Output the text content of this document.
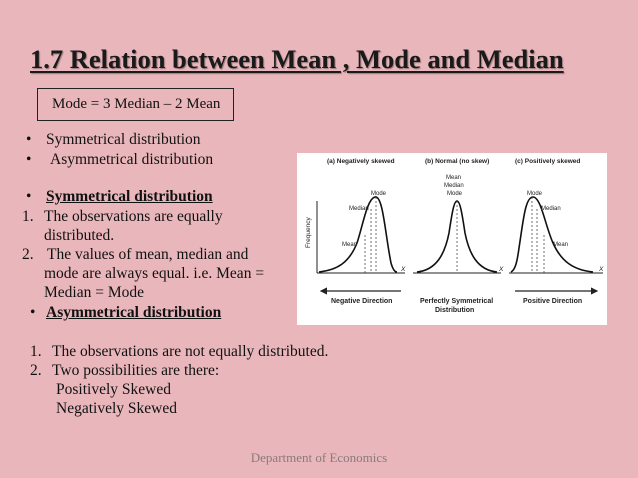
1.7 Relation between Mean , Mode and Median
Mode = 3 Median – 2 Mean
• Symmetrical distribution
• Asymmetrical distribution
• Symmetrical distribution
1. The observations are equally
distributed.
2. The values of mean, median and
mode are always equal. i.e. Mean =
Median = Mode
• Asymmetrical distribution
1. The observations are not equally distributed.
2. Two possibilities are there:
Positively Skewed
Negatively Skewed
(a) Negatively skewed	(b) Normal (no skew)	(c) Positively skewed
Frequency
Mode
Median
Mean
X
Mean
Median
Mode
X
Mode
Median
Mean
X
Negative Direction	Perfectly Symmetrical
Distribution
Positive Direction
Department of Economics
